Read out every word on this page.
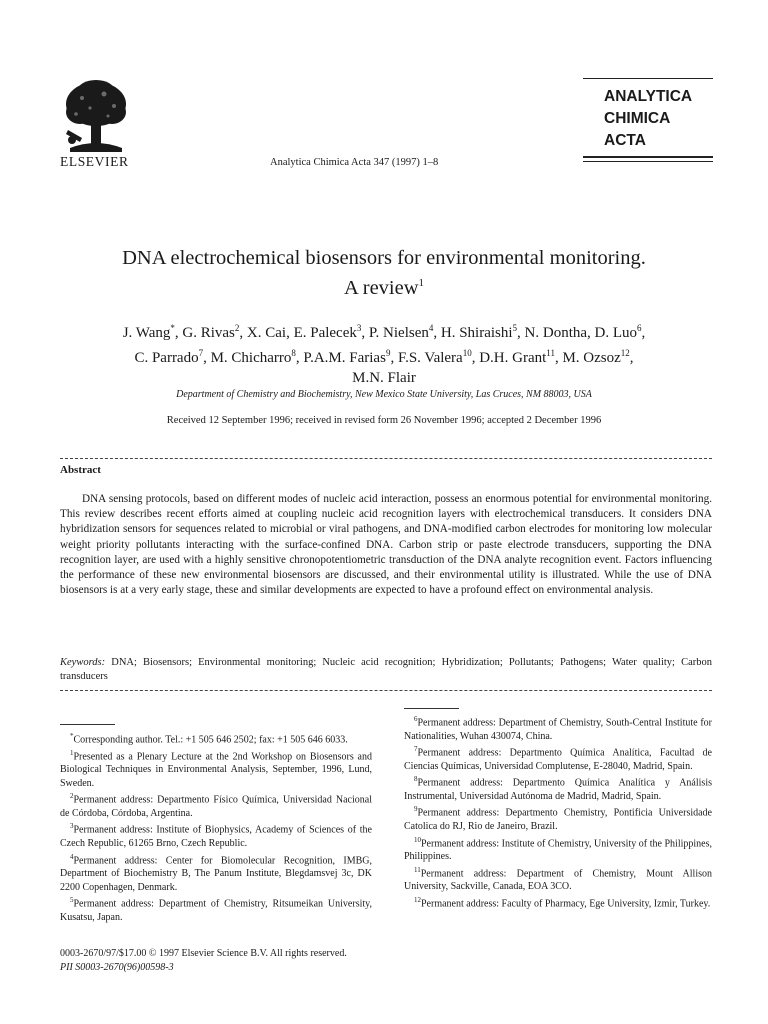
ELSEVIER	Analytica Chimica Acta 347 (1997) 1–8
ANALYTICA
CHIMICA
ACTA
DNA electrochemical biosensors for environmental monitoring.
A review$^1$
J. Wang*, G. Rivas$^2$, X. Cai, E. Palecek$^3$, P. Nielsen$^4$, H. Shiraishi$^5$, N. Dontha, D. Luo$^6$,
C. Parrado$^7$, M. Chicharro$^8$, P.A.M. Farias$^9$, F.S. Valera$^{10}$, D.H. Grant$^{11}$, M. Ozsoz$^{12}$,
M.N. Flair
Department of Chemistry and Biochemistry, New Mexico State University, Las Cruces, NM 88003, USA
Received 12 September 1996; received in revised form 26 November 1996; accepted 2 December 1996
Abstract

DNA sensing protocols, based on different modes of nucleic acid interaction, possess an enormous potential for environmental monitoring. This review describes recent efforts aimed at coupling nucleic acid recognition layers with electrochemical transducers. It considers DNA hybridization sensors for sequences related to microbial or viral pathogens, and DNA-modified carbon electrodes for monitoring low molecular weight priority pollutants interacting with the surface-confined DNA. Carbon strip or paste electrode transducers, supporting the DNA recognition layer, are used with a highly sensitive chronopotentiometric transduction of the DNA analyte recognition event. Factors influencing the performance of these new environmental biosensors are discussed, and their environmental utility is illustrated. While the use of DNA biosensors is at a very early stage, these and similar developments are expected to have a profound effect on environmental analysis.

Keywords: DNA; Biosensors; Environmental monitoring; Nucleic acid recognition; Hybridization; Pollutants; Pathogens; Water quality; Carbon transducers

*Corresponding author. Tel.: +1 505 646 2502; fax: +1 505 646 6033.

$^1$Presented as a Plenary Lecture at the 2nd Workshop on Biosensors and Biological Techniques in Environmental Analysis, September, 1996, Lund, Sweden.

$^2$Permanent address: Departmento Físico Química, Universidad Nacional de Córdoba, Córdoba, Argentina.

$^3$Permanent address: Institute of Biophysics, Academy of Sciences of the Czech Republic, 61265 Brno, Czech Republic.

$^4$Permanent address: Center for Biomolecular Recognition, IMBG, Department of Biochemistry B, The Panum Institute, Blegdamsvej 3c, DK 2200 Copenhagen, Denmark.

$^5$Permanent address: Department of Chemistry, Ritsumeikan University, Kusatsu, Japan.

$^6$Permanent address: Department of Chemistry, South-Central Institute for Nationalities, Wuhan 430074, China.

$^7$Permanent address: Departmento Química Analítica, Facultad de Ciencias Químicas, Universidad Complutense, E-28040, Madrid, Spain.

$^8$Permanent address: Departmento Química Analítica y Análisis Instrumental, Universidad Autónoma de Madrid, Madrid, Spain.

$^9$Permanent address: Departmento Chemistry, Pontificia Universidade Catolica do RJ, Rio de Janeiro, Brazil.

$^{10}$Permanent address: Institute of Chemistry, University of the Philippines, Philippines.

$^{11}$Permanent address: Department of Chemistry, Mount Allison University, Sackville, Canada, EOA 3CO.

$^{12}$Permanent address: Faculty of Pharmacy, Ege University, Izmir, Turkey.

0003-2670/97/$17.00 © 1997 Elsevier Science B.V. All rights reserved.
PII S0003-2670(96)00598-3
